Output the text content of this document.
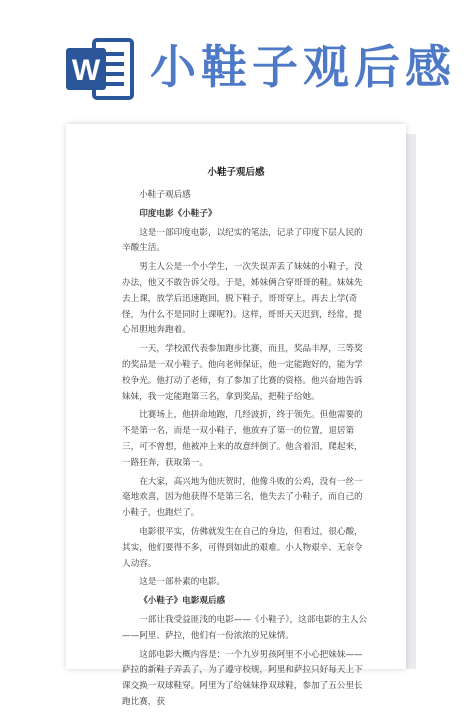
W 小鞋子观后感
小鞋子观后感

小鞋子观后感

印度电影《小鞋子》

这是一部印度电影，以纪实的笔法，记录了印度下层人民的辛酸生活。

男主人公是一个小学生，一次失误弄丢了妹妹的小鞋子，没办法，他又不敢告诉父母。于是，姊妹俩合穿哥哥的鞋。妹妹先去上课，放学后迅速跑回，脱下鞋子，哥哥穿上，再去上学(奇怪，为什么不是同时上课呢?)。这样，哥哥天天迟到，经常，提心吊胆地奔跑着。

一天，学校派代表参加跑步比赛，而且，奖品丰厚，三等奖的奖品是一双小鞋子。他向老师保证，他一定能跑好的，能为学校争光。他打动了老师，有了参加了比赛的资格。他兴奋地告诉妹妹，我一定能跑第三名，拿到奖品，把鞋子给她。

比赛场上，他拼命地跑，几经波折，终于领先。但他需要的不是第一名，而是一双小鞋子，他放弃了第一的位置，退居第三，可不曾想，他被冲上来的故意绊倒了。他含着泪，爬起来，一路狂奔，获取第一。

在大家，高兴地为他庆贺时，他像斗败的公鸡，没有一丝一毫地欢喜，因为他获得不是第三名，他失去了小鞋子，而自己的小鞋子，也跑烂了。

电影很平实，仿佛就发生在自己的身边，但看过，很心酸，其实，他们要得不多，可得到如此的艰难。小人物艰辛、无奈令人动容。

这是一部朴素的电影。

《小鞋子》电影观后感

一部让我受益匪浅的电影——《小鞋子》，这部电影的主人公——阿里、萨拉，他们有一份浓浓的兄妹情。

这部电影大概内容是：一个九岁男孩阿里不小心把妹妹——萨拉的新鞋子弄丢了，为了遵守校规，阿里和萨拉只好每天上下课交换一双球鞋穿。阿里为了给妹妹挣双球鞋，参加了五公里长跑比赛，获
